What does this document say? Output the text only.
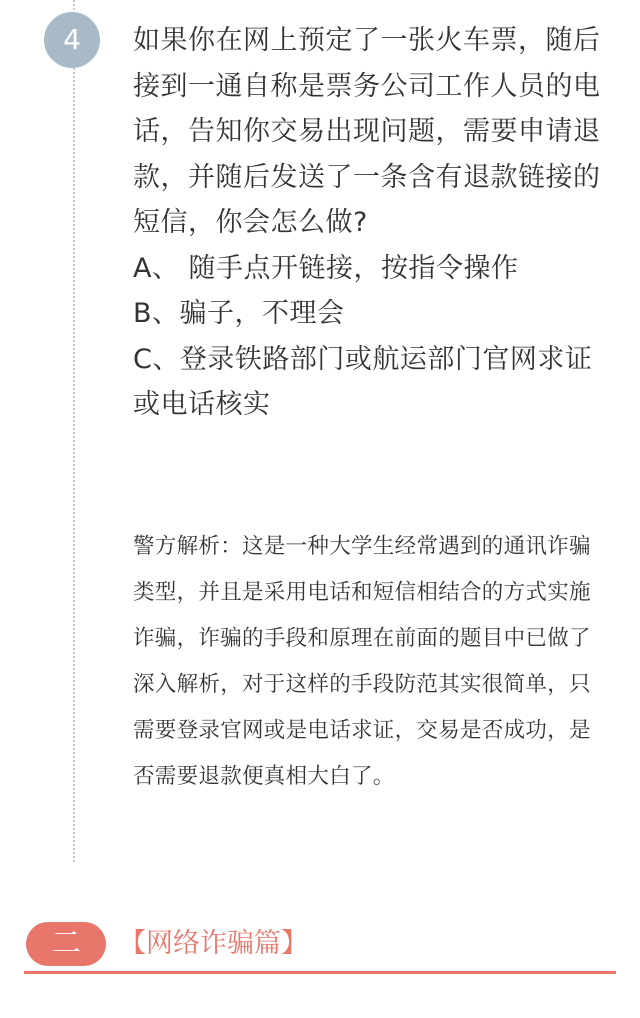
4	如果你在网上预定了一张火车票，随后接到一通自称是票务公司工作人员的电话，告知你交易出现问题，需要申请退款，并随后发送了一条含有退款链接的短信，你会怎么做?
A、 随手点开链接，按指令操作
B、骗子，不理会
C、登录铁路部门或航运部门官网求证或电话核实
警方解析：这是一种大学生经常遇到的通讯诈骗类型，并且是采用电话和短信相结合的方式实施诈骗，诈骗的手段和原理在前面的题目中已做了深入解析，对于这样的手段防范其实很简单，只需要登录官网或是电话求证，交易是否成功，是否需要退款便真相大白了。
二	【网络诈骗篇】
